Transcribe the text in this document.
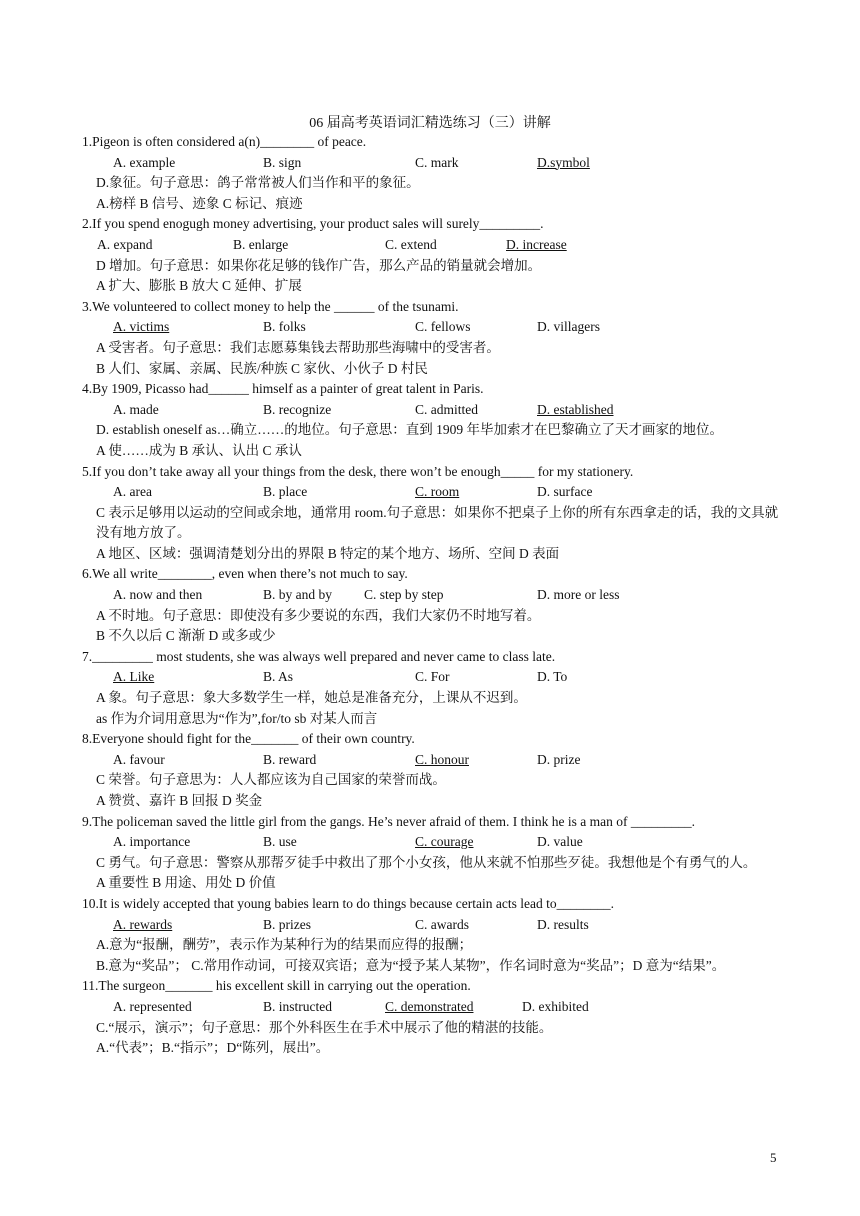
06 届高考英语词汇精选练习（三）讲解
1.Pigeon is often considered a(n)________ of peace.
A. example	B. sign	C. mark	D.symbol
D.象征。句子意思：鸽子常常被人们当作和平的象征。
A.榜样 B 信号、迹象 C 标记、痕迹
2.If you spend enogugh money advertising, your product sales will surely_________.
A. expand	B. enlarge	C. extend	D. increase
D 增加。句子意思：如果你花足够的钱作广告，那么产品的销量就会增加。
A 扩大、膨胀 B 放大 C 延伸、扩展
3.We volunteered to collect money to help the ______ of the tsunami.
A. victims	B. folks	C. fellows	D. villagers
A 受害者。句子意思：我们志愿募集钱去帮助那些海啸中的受害者。
B 人们、家属、亲属、民族/种族 C 家伙、小伙子 D 村民
4.By 1909, Picasso had______ himself as a painter of great talent in Paris.
A. made	B. recognize	C. admitted	D. established
D. establish oneself as…确立……的地位。句子意思：直到 1909 年毕加索才在巴黎确立了天才画家的地位。
A 使……成为 B 承认、认出 C 承认
5.If you don’t take away all your things from the desk, there won’t be enough_____ for my stationery.
A. area	B. place	C. room	D. surface
C 表示足够用以运动的空间或余地，通常用 room.句子意思：如果你不把桌子上你的所有东西拿走的话，我的文具就没有地方放了。
A 地区、区域：强调清楚划分出的界限 B 特定的某个地方、场所、空间 D 表面
6.We all write________, even when there’s not much to say.
A. now and then	B. by and by C. step by step	D. more or less
A 不时地。句子意思：即使没有多少要说的东西，我们大家仍不时地写着。
B 不久以后 C 渐渐 D 或多或少
7._________ most students, she was always well prepared and never came to class late.
A. Like	B. As	C. For	D. To
A 象。句子意思：象大多数学生一样，她总是准备充分，上课从不迟到。
as 作为介词用意思为“作为”,for/to sb 对某人而言
8.Everyone should fight for the_______ of their own country.
A. favour	B. reward	C. honour	D. prize
C 荣誉。句子意思为：人人都应该为自己国家的荣誉而战。
A 赞赏、嘉许 B 回报 D 奖金
9.The policeman saved the little girl from the gangs. He’s never afraid of them. I think he is a man of _________.
A. importance	B. use	C. courage	D. value
C 勇气。句子意思：警察从那帮歹徒手中救出了那个小女孩，他从来就不怕那些歹徒。我想他是个有勇气的人。
A 重要性 B 用途、用处 D 价值
10.It is widely accepted that young babies learn to do things because certain acts lead to________.
A. rewards	B. prizes	C. awards	D. results
A.意为“报酬，酬劳”，表示作为某种行为的结果而应得的报酬；
B.意为“奖品”； C.常用作动词，可接双宾语；意为“授予某人某物”，作名词时意为“奖品”；D 意为“结果”。
11.The surgeon_______ his excellent skill in carrying out the operation.
A. represented	B. instructed	C. demonstrated	D. exhibited
C.“展示，演示”；句子意思：那个外科医生在手术中展示了他的精湛的技能。
A.“代表”；B.“指示”；D“陈列，展出”。
5
